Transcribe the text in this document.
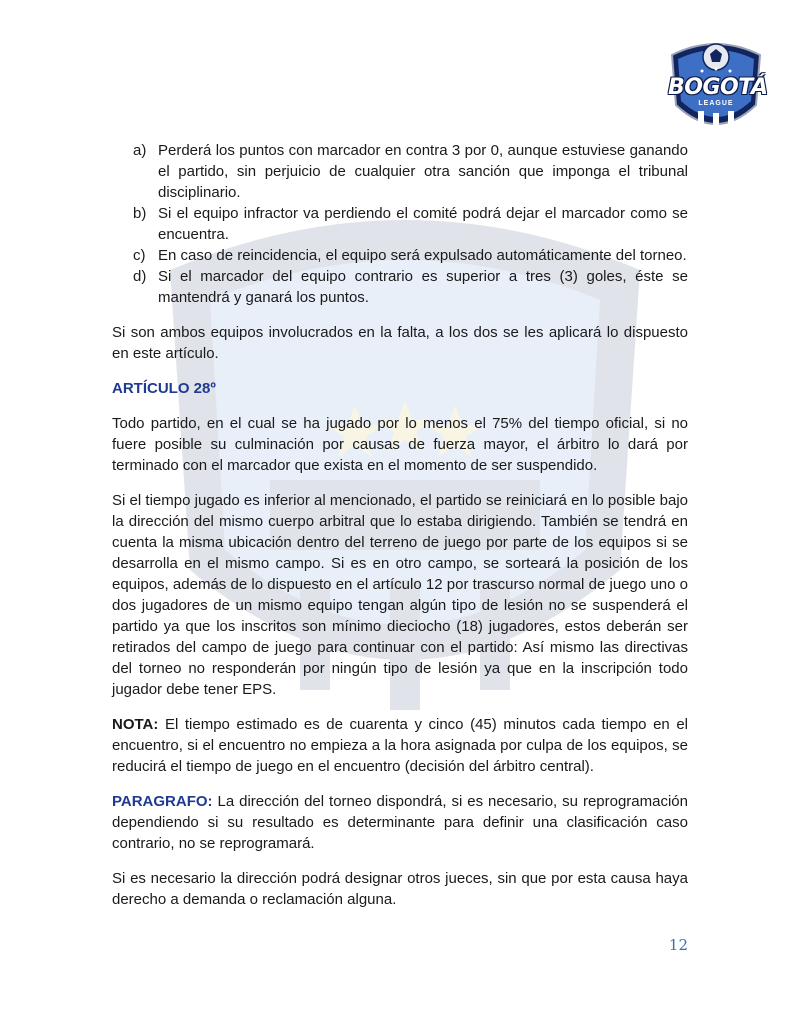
BOGOTÁ
LEAGUE
a) Perderá los puntos con marcador en contra 3 por 0, aunque estuviese ganando el partido, sin perjuicio de cualquier otra sanción que imponga el tribunal disciplinario.
b) Si el equipo infractor va perdiendo el comité podrá dejar el marcador como se encuentra.
c) En caso de reincidencia, el equipo será expulsado automáticamente del torneo.
d) Si el marcador del equipo contrario es superior a tres (3) goles, éste se mantendrá y ganará los puntos.

Si son ambos equipos involucrados en la falta, a los dos se les aplicará lo dispuesto en este artículo.

ARTÍCULO 28º

Todo partido, en el cual se ha jugado por lo menos el 75% del tiempo oficial, si no fuere posible su culminación por causas de fuerza mayor, el árbitro lo dará por terminado con el marcador que exista en el momento de ser suspendido.

Si el tiempo jugado es inferior al mencionado, el partido se reiniciará en lo posible bajo la dirección del mismo cuerpo arbitral que lo estaba dirigiendo. También se tendrá en cuenta la misma ubicación dentro del terreno de juego por parte de los equipos si se desarrolla en el mismo campo. Si es en otro campo, se sorteará la posición de los equipos, además de lo dispuesto en el artículo 12 por trascurso normal de juego uno o dos jugadores de un mismo equipo tengan algún tipo de lesión no se suspenderá el partido ya que los inscritos son mínimo dieciocho (18) jugadores, estos deberán ser retirados del campo de juego para continuar con el partido: Así mismo las directivas del torneo no responderán por ningún tipo de lesión ya que en la inscripción todo jugador debe tener EPS.

NOTA: El tiempo estimado es de cuarenta y cinco (45) minutos cada tiempo en el encuentro, si el encuentro no empieza a la hora asignada por culpa de los equipos, se reducirá el tiempo de juego en el encuentro (decisión del árbitro central).

PARAGRAFO: La dirección del torneo dispondrá, si es necesario, su reprogramación dependiendo si su resultado es determinante para definir una clasificación caso contrario, no se reprogramará.

Si es necesario la dirección podrá designar otros jueces, sin que por esta causa haya derecho a demanda o reclamación alguna.

12
